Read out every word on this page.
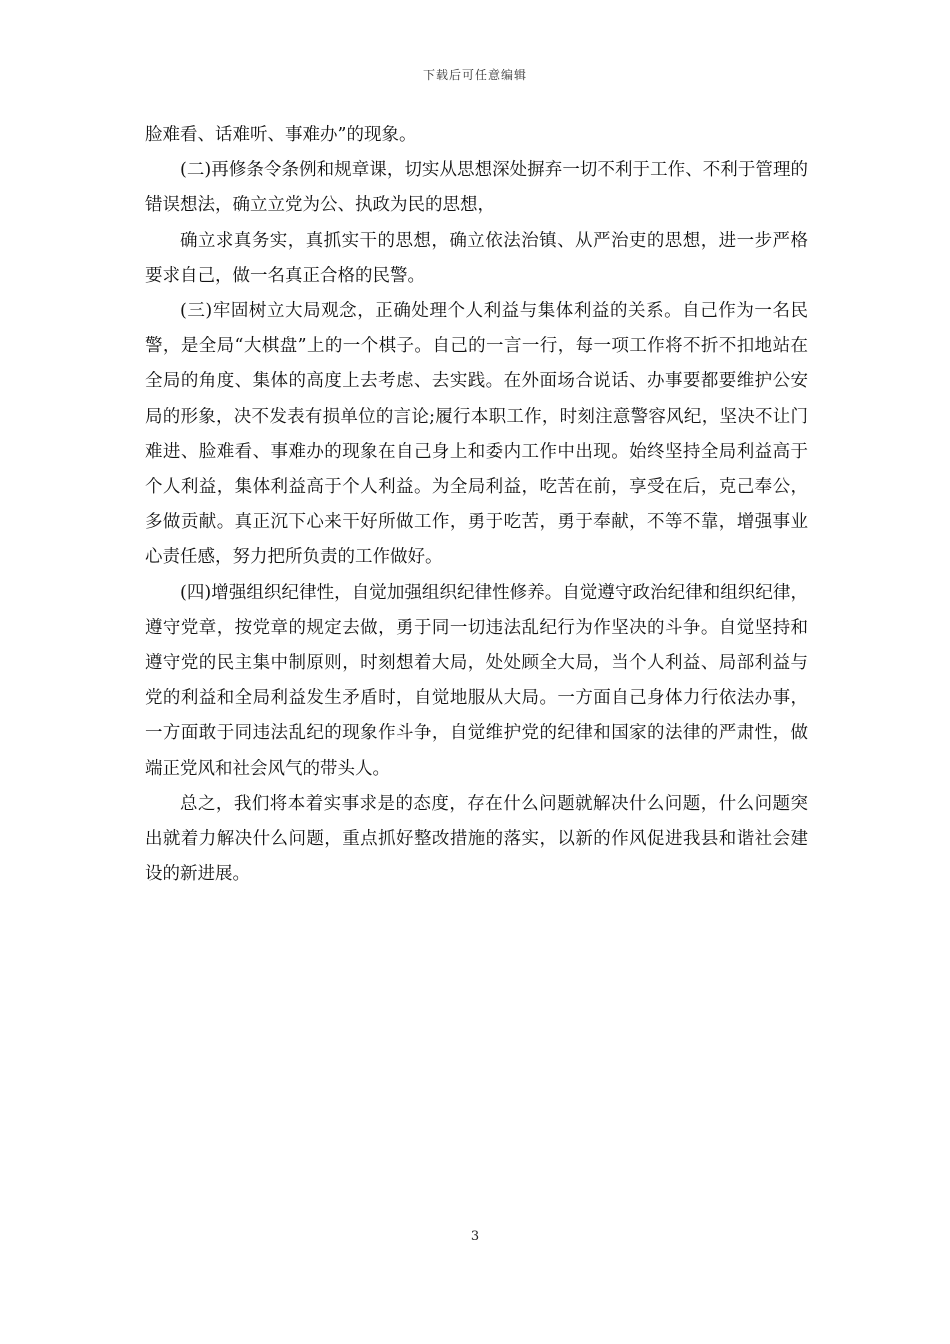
下载后可任意编辑

脸难看、话难听、事难办”的现象。

(二)再修条令条例和规章课，切实从思想深处摒弃一切不利于工作、不利于管理的错误想法，确立立党为公、执政为民的思想，

确立求真务实，真抓实干的思想，确立依法治镇、从严治吏的思想，进一步严格要求自己，做一名真正合格的民警。

(三)牢固树立大局观念，正确处理个人利益与集体利益的关系。自己作为一名民警，是全局“大棋盘”上的一个棋子。自己的一言一行，每一项工作将不折不扣地站在全局的角度、集体的高度上去考虑、去实践。在外面场合说话、办事要都要维护公安局的形象，决不发表有损单位的言论;履行本职工作，时刻注意警容风纪，坚决不让门难进、脸难看、事难办的现象在自己身上和委内工作中出现。始终坚持全局利益高于个人利益，集体利益高于个人利益。为全局利益，吃苦在前，享受在后，克己奉公，多做贡献。真正沉下心来干好所做工作，勇于吃苦，勇于奉献，不等不靠，增强事业心责任感，努力把所负责的工作做好。

(四)增强组织纪律性，自觉加强组织纪律性修养。自觉遵守政治纪律和组织纪律，遵守党章，按党章的规定去做，勇于同一切违法乱纪行为作坚决的斗争。自觉坚持和遵守党的民主集中制原则，时刻想着大局，处处顾全大局，当个人利益、局部利益与党的利益和全局利益发生矛盾时，自觉地服从大局。一方面自己身体力行依法办事，一方面敢于同违法乱纪的现象作斗争，自觉维护党的纪律和国家的法律的严肃性，做端正党风和社会风气的带头人。

总之，我们将本着实事求是的态度，存在什么问题就解决什么问题，什么问题突出就着力解决什么问题，重点抓好整改措施的落实，以新的作风促进我县和谐社会建设的新进展。

3
